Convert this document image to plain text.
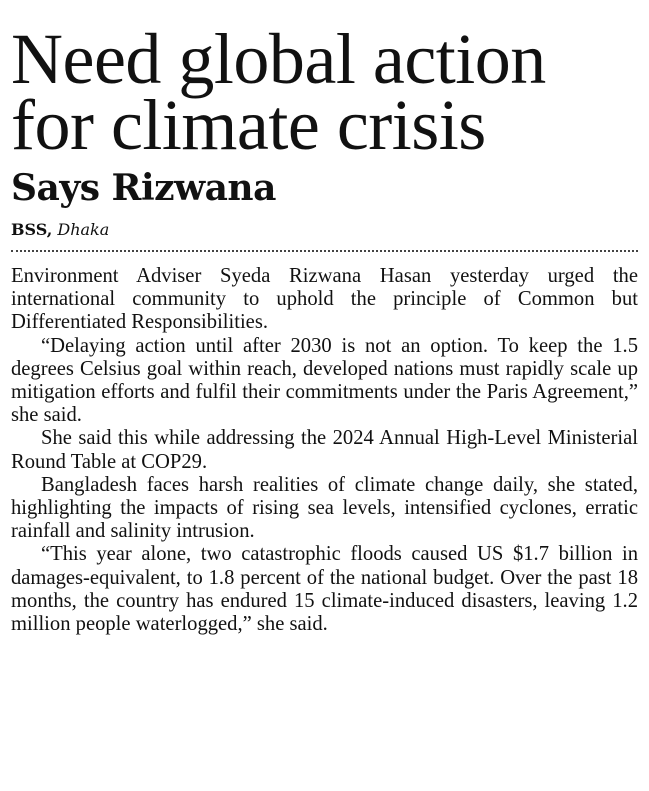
Need global action
for climate crisis
Says Rizwana
BSS, Dhaka

Environment Adviser Syeda Rizwana Hasan yesterday urged the international community to uphold the principle of Common but Differentiated Responsibilities.

“Delaying action until after 2030 is not an option. To keep the 1.5 degrees Celsius goal within reach, developed nations must rapidly scale up mitigation efforts and fulfil their commitments under the Paris Agreement,” she said.

She said this while addressing the 2024 Annual High-Level Ministerial Round Table at COP29.

Bangladesh faces harsh realities of climate change daily, she stated, highlighting the impacts of rising sea levels, intensified cyclones, erratic rainfall and salinity intrusion.

“This year alone, two catastrophic floods caused US $1.7 billion in damages-equivalent, to 1.8 percent of the national budget. Over the past 18 months, the country has endured 15 climate-induced disasters, leaving 1.2 million people waterlogged,” she said.
